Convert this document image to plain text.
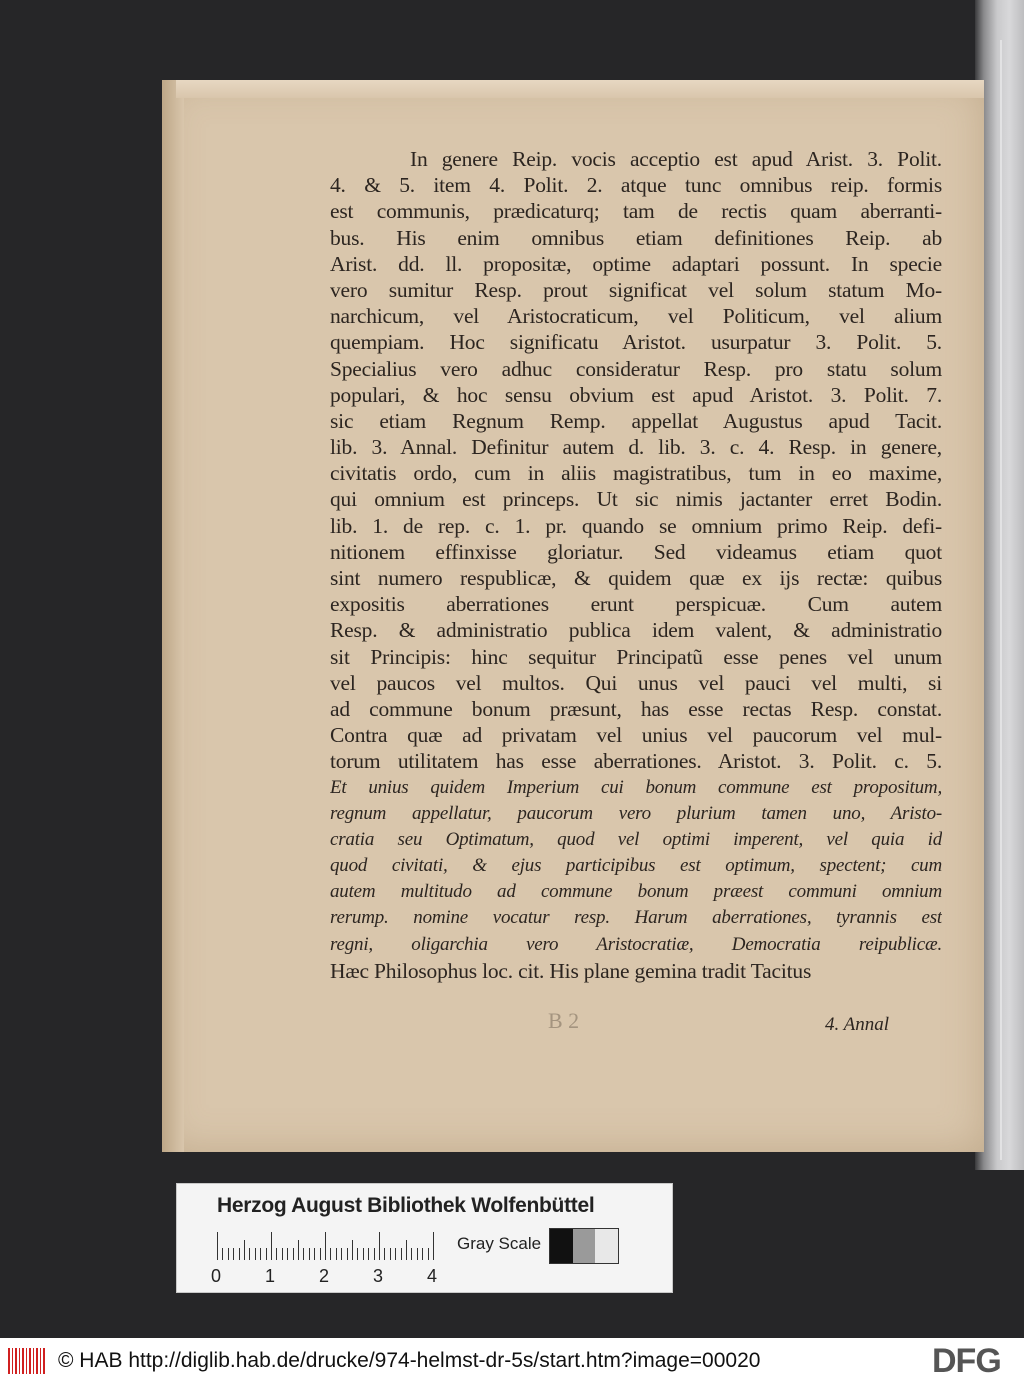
In genere Reip. vocis acceptio est apud Arist. 3. Polit.
4. & 5. item 4. Polit. 2. atque tunc omnibus reip. formis
est communis, prædicaturq; tam de rectis quam aberranti-
bus. His enim omnibus etiam definitiones Reip. ab
Arist. dd. ll. propositæ, optime adaptari possunt. In specie
vero sumitur Resp. prout significat vel solum statum Mo-
narchicum, vel Aristocraticum, vel Politicum, vel alium
quempiam. Hoc significatu Aristot. usurpatur 3. Polit. 5.
Specialius vero adhuc consideratur Resp. pro statu solum
populari, & hoc sensu obvium est apud Aristot. 3. Polit. 7.
sic etiam Regnum Remp. appellat Augustus apud Tacit.
lib. 3. Annal. Definitur autem d. lib. 3. c. 4. Resp. in genere,
civitatis ordo, cum in aliis magistratibus, tum in eo maxime,
qui omnium est princeps. Ut sic nimis jactanter erret Bodin.
lib. 1. de rep. c. 1. pr. quando se omnium primo Reip. defi-
nitionem effinxisse gloriatur. Sed videamus etiam quot
sint numero respublicæ, & quidem quæ ex ijs rectæ: quibus
expositis aberrationes erunt perspicuæ. Cum autem
Resp. & administratio publica idem valent, & administratio
sit Principis: hinc sequitur Principatũ esse penes vel unum
vel paucos vel multos. Qui unus vel pauci vel multi, si
ad commune bonum præsunt, has esse rectas Resp. constat.
Contra quæ ad privatam vel unius vel paucorum vel mul-
torum utilitatem has esse aberrationes. Aristot. 3. Polit. c. 5.
Et unius quidem Imperium cui bonum commune est propositum,
regnum appellatur, paucorum vero plurium tamen uno, Aristo-
cratia seu Optimatum, quod vel optimi imperent, vel quia id
quod civitati, & ejus participibus est optimum, spectent; cum
autem multitudo ad commune bonum præest communi omnium
rerump. nomine vocatur resp. Harum aberrationes, tyrannis est
regni, oligarchia vero Aristocratiæ, Democratia reipublicæ.
Hæc Philosophus loc. cit. His plane gemina tradit Tacitus
B 2	4. Annal
Herzog August Bibliothek Wolfenbüttel
0 1 2 3 4
Gray Scale
© HAB http://diglib.hab.de/drucke/974-helmst-dr-5s/start.htm?image=00020	DFG
